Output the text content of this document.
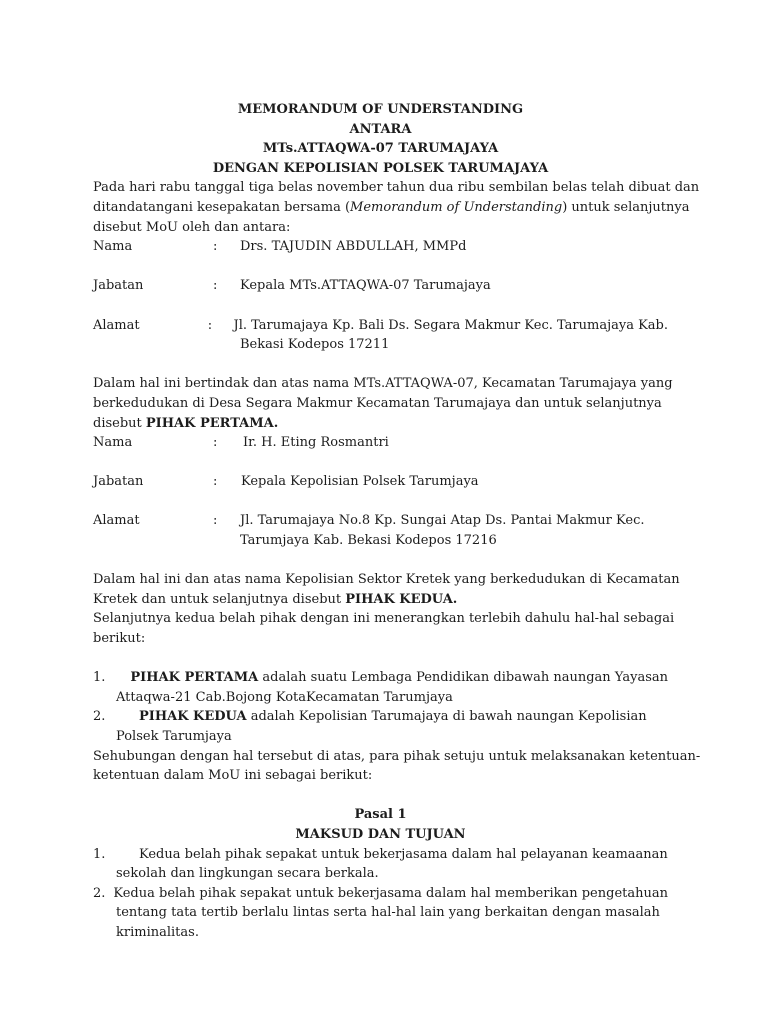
MEMORANDUM OF UNDERSTANDING
ANTARA
MTs.ATTAQWA-07 TARUMAJAYA
DENGAN KEPOLISIAN POLSEK TARUMAJAYA
Pada hari rabu tanggal tiga belas november tahun dua ribu sembilan belas telah dibuat dan
ditandatangani kesepakatan bersama (Memorandum of Understanding) untuk selanjutnya
disebut MoU oleh dan antara:
Nama	:	Drs. TAJUDIN ABDULLAH, MMPd
Jabatan	:	Kepala MTs.ATTAQWA-07 Tarumajaya
Alamat	:	Jl. Tarumajaya Kp. Bali Ds. Segara Makmur Kec. Tarumajaya Kab.
Bekasi Kodepos 17211
Dalam hal ini bertindak dan atas nama MTs.ATTAQWA-07, Kecamatan Tarumajaya yang
berkedudukan di Desa Segara Makmur Kecamatan Tarumajaya dan untuk selanjutnya
disebut PIHAK PERTAMA.
Nama	:	Ir. H. Eting Rosmantri
Jabatan	:	Kepala Kepolisian Polsek Tarumjaya
Alamat	:	Jl. Tarumajaya No.8 Kp. Sungai Atap Ds. Pantai Makmur Kec.
Tarumjaya Kab. Bekasi Kodepos 17216
Dalam hal ini dan atas nama Kepolisian Sektor Kretek yang berkedudukan di Kecamatan
Kretek dan untuk selanjutnya disebut PIHAK KEDUA.
Selanjutnya kedua belah pihak dengan ini menerangkan terlebih dahulu hal-hal sebagai
berikut:
1.	PIHAK PERTAMA adalah suatu Lembaga Pendidikan dibawah naungan Yayasan
Attaqwa-21 Cab.Bojong KotaKecamatan Tarumjaya
2.	PIHAK KEDUA adalah Kepolisian Tarumajaya di bawah naungan Kepolisian
Polsek Tarumjaya
Sehubungan dengan hal tersebut di atas, para pihak setuju untuk melaksanakan ketentuan-
ketentuan dalam MoU ini sebagai berikut:
Pasal 1
MAKSUD DAN TUJUAN
1.	Kedua belah pihak sepakat untuk bekerjasama dalam hal pelayanan keamaanan
sekolah dan lingkungan secara berkala.
2. Kedua belah pihak sepakat untuk bekerjasama dalam hal memberikan pengetahuan
tentang tata tertib berlalu lintas serta hal-hal lain yang berkaitan dengan masalah
kriminalitas.
